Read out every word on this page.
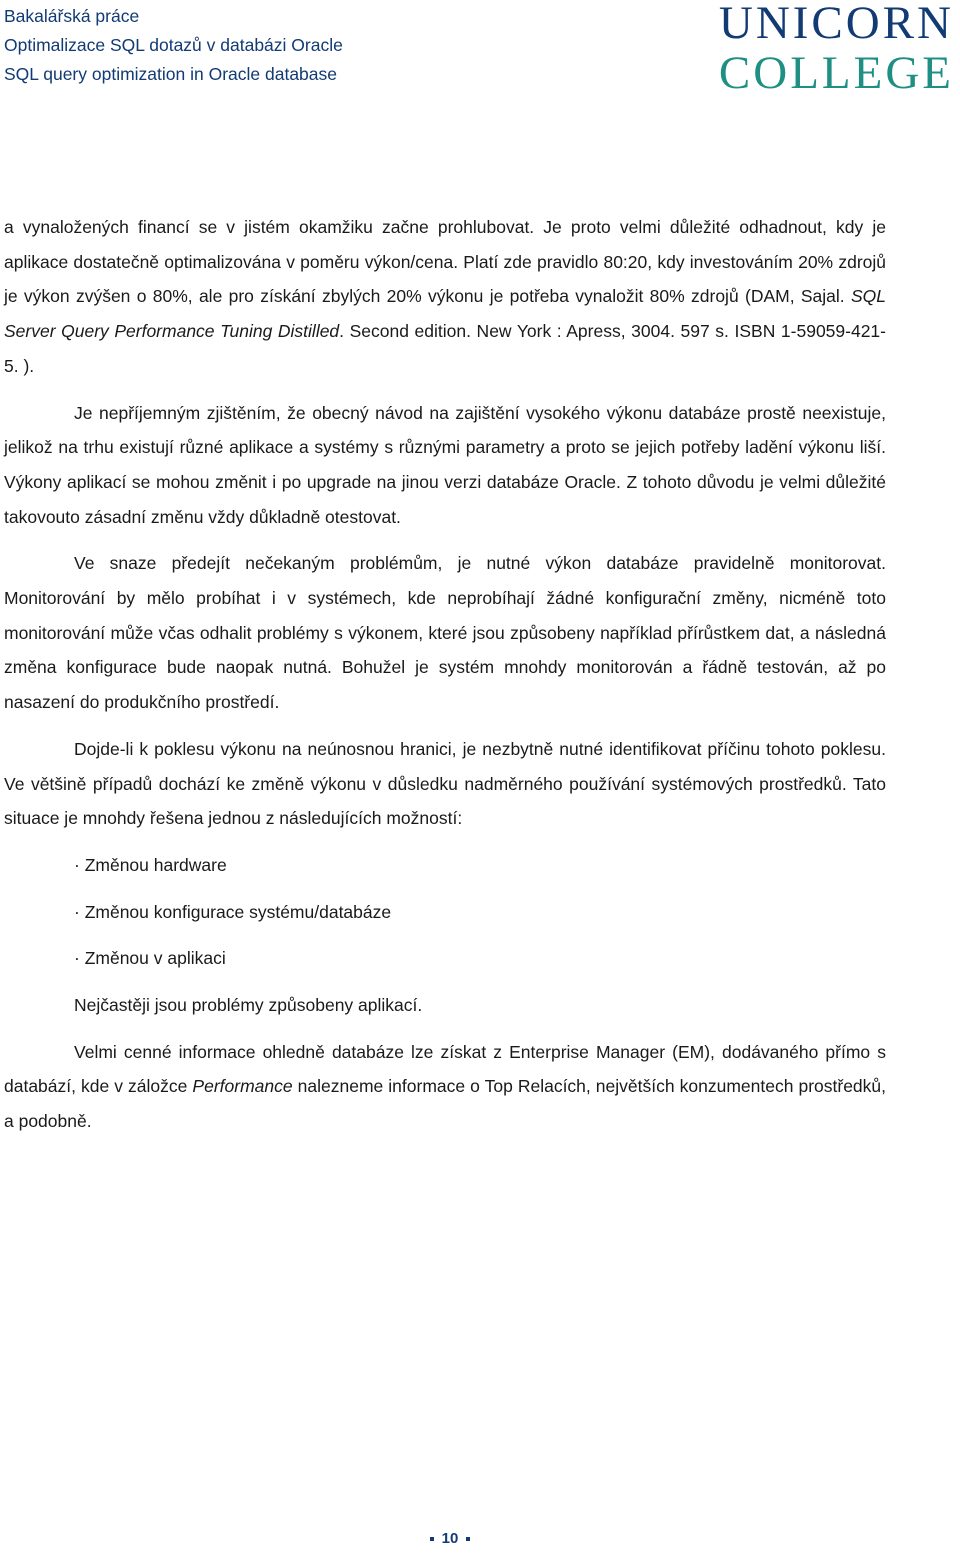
Bakalářská práce
Optimalizace SQL dotazů v databázi Oracle
SQL query optimization in Oracle database
UNICORN
COLLEGE

a vynaložených financí se v jistém okamžiku začne prohlubovat. Je proto velmi důležité odhadnout, kdy je aplikace dostatečně optimalizována v poměru výkon/cena. Platí zde pravidlo 80:20, kdy investováním 20% zdrojů je výkon zvýšen o 80%, ale pro získání zbylých 20% výkonu je potřeba vynaložit 80% zdrojů (DAM, Sajal. SQL Server Query Performance Tuning Distilled. Second edition. New York : Apress, 3004. 597 s. ISBN 1-59059-421-5. ).

Je nepříjemným zjištěním, že obecný návod na zajištění vysokého výkonu databáze prostě neexistuje, jelikož na trhu existují různé aplikace a systémy s různými parametry a proto se jejich potřeby ladění výkonu liší. Výkony aplikací se mohou změnit i po upgrade na jinou verzi databáze Oracle. Z tohoto důvodu je velmi důležité takovouto zásadní změnu vždy důkladně otestovat.

Ve snaze předejít nečekaným problémům, je nutné výkon databáze pravidelně monitorovat. Monitorování by mělo probíhat i v systémech, kde neprobíhají žádné konfigurační změny, nicméně toto monitorování může včas odhalit problémy s výkonem, které jsou způsobeny například přírůstkem dat, a následná změna konfigurace bude naopak nutná. Bohužel je systém mnohdy monitorován a řádně testován, až po nasazení do produkčního prostředí.

Dojde-li k poklesu výkonu na neúnosnou hranici, je nezbytně nutné identifikovat příčinu tohoto poklesu. Ve většině případů dochází ke změně výkonu v důsledku nadměrného používání systémových prostředků. Tato situace je mnohdy řešena jednou z následujících možností:

· Změnou hardware

· Změnou konfigurace systému/databáze

· Změnou v aplikaci

Nejčastěji jsou problémy způsobeny aplikací.

Velmi cenné informace ohledně databáze lze získat z Enterprise Manager (EM), dodávaného přímo s databází, kde v záložce Performance nalezneme informace o Top Relacích, největších konzumentech prostředků, a podobně.

10
